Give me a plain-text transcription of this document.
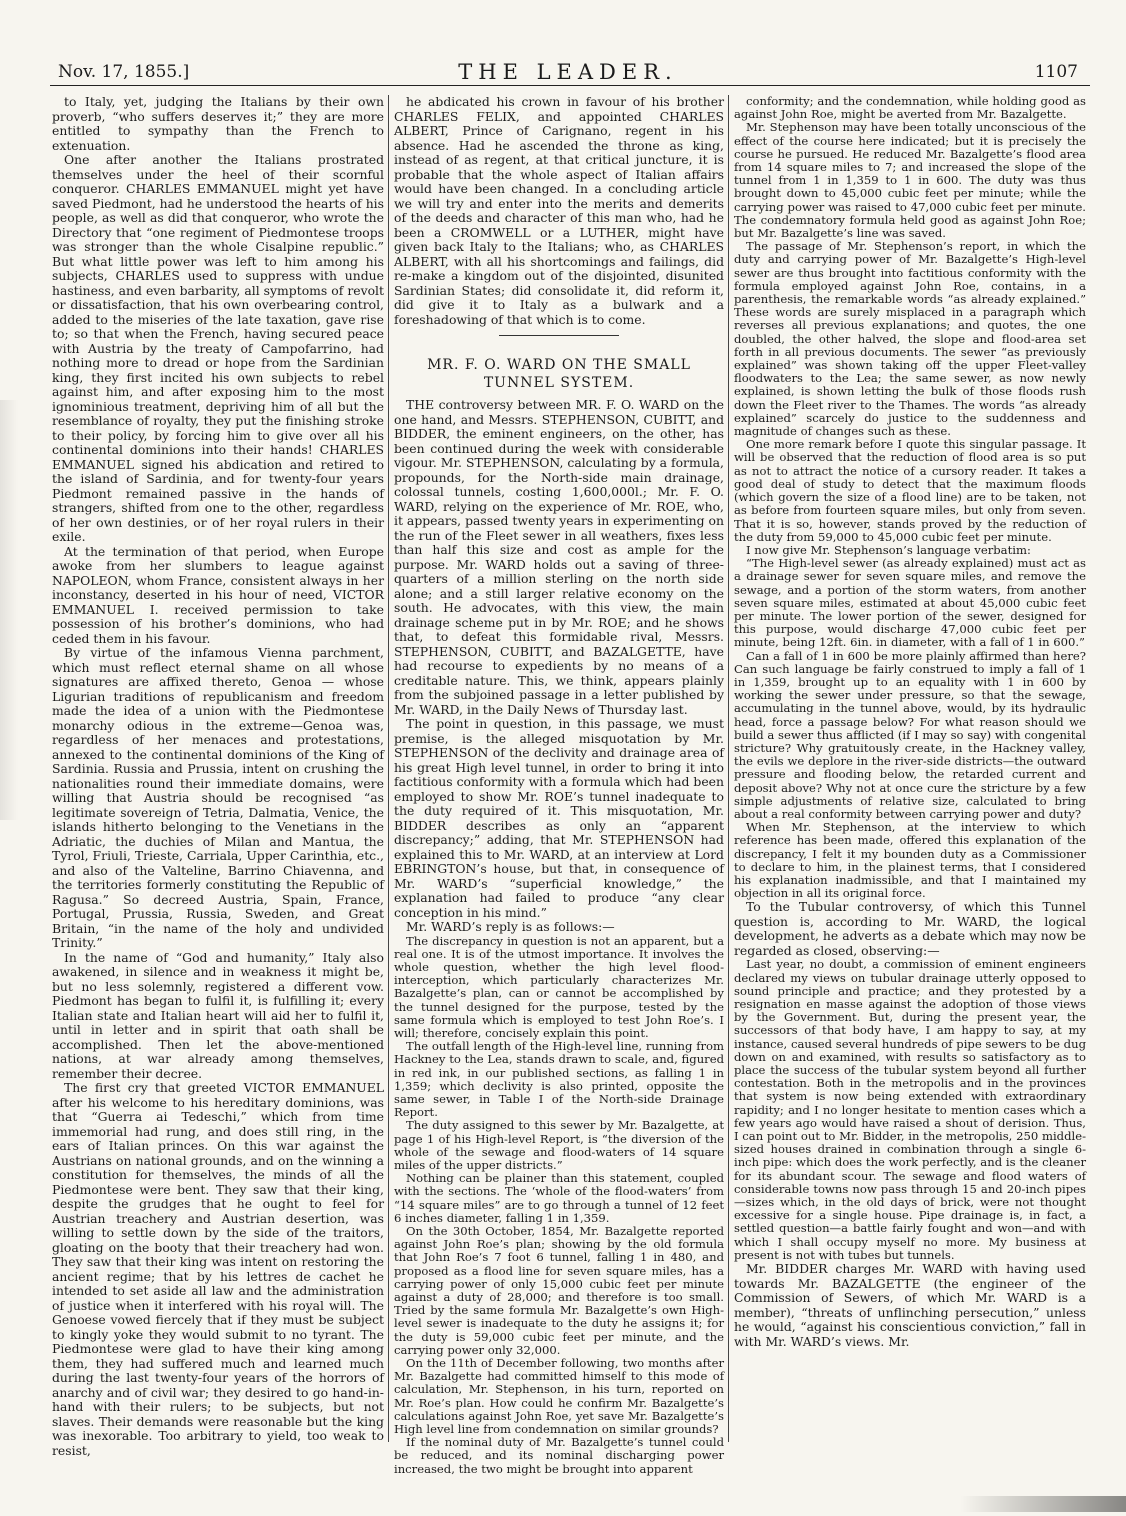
Nov. 17, 1855.]	THE LEADER.	1107

to Italy, yet, judging the Italians by their own proverb, “who suffers deserves it;” they are more entitled to sympathy than the French to extenuation.

One after another the Italians prostrated themselves under the heel of their scornful conqueror. CHARLES EMMANUEL might yet have saved Piedmont, had he understood the hearts of his people, as well as did that conqueror, who wrote the Directory that “one regiment of Piedmontese troops was stronger than the whole Cisalpine republic.” But what little power was left to him among his subjects, CHARLES used to suppress with undue hastiness, and even barbarity, all symptoms of revolt or dissatisfaction, that his own overbearing control, added to the miseries of the late taxation, gave rise to; so that when the French, having secured peace with Austria by the treaty of Campofarrino, had nothing more to dread or hope from the Sardinian king, they first incited his own subjects to rebel against him, and after exposing him to the most ignominious treatment, depriving him of all but the resemblance of royalty, they put the finishing stroke to their policy, by forcing him to give over all his continental dominions into their hands! CHARLES EMMANUEL signed his abdication and retired to the island of Sardinia, and for twenty-four years Piedmont remained passive in the hands of strangers, shifted from one to the other, regardless of her own destinies, or of her royal rulers in their exile.

At the termination of that period, when Europe awoke from her slumbers to league against NAPOLEON, whom France, consistent always in her inconstancy, deserted in his hour of need, VICTOR EMMANUEL I. received permission to take possession of his brother’s dominions, who had ceded them in his favour.

By virtue of the infamous Vienna parchment, which must reflect eternal shame on all whose signatures are affixed thereto, Genoa — whose Ligurian traditions of republicanism and freedom made the idea of a union with the Piedmontese monarchy odious in the extreme—Genoa was, regardless of her menaces and protestations, annexed to the continental dominions of the King of Sardinia. Russia and Prussia, intent on crushing the nationalities round their immediate domains, were willing that Austria should be recognised “as legitimate sovereign of Tetria, Dalmatia, Venice, the islands hitherto belonging to the Venetians in the Adriatic, the duchies of Milan and Mantua, the Tyrol, Friuli, Trieste, Carriala, Upper Carinthia, etc., and also of the Valteline, Barrino Chiavenna, and the territories formerly constituting the Republic of Ragusa.” So decreed Austria, Spain, France, Portugal, Prussia, Russia, Sweden, and Great Britain, “in the name of the holy and undivided Trinity.”

In the name of “God and humanity,” Italy also awakened, in silence and in weakness it might be, but no less solemnly, registered a different vow. Piedmont has began to fulfil it, is fulfilling it; every Italian state and Italian heart will aid her to fulfil it, until in letter and in spirit that oath shall be accomplished. Then let the above-mentioned nations, at war already among themselves, remember their decree.

The first cry that greeted VICTOR EMMANUEL after his welcome to his hereditary dominions, was that “Guerra ai Tedeschi,” which from time immemorial had rung, and does still ring, in the ears of Italian princes. On this war against the Austrians on national grounds, and on the winning a constitution for themselves, the minds of all the Piedmontese were bent. They saw that their king, despite the grudges that he ought to feel for Austrian treachery and Austrian desertion, was willing to settle down by the side of the traitors, gloating on the booty that their treachery had won. They saw that their king was intent on restoring the ancient regime; that by his lettres de cachet he intended to set aside all law and the administration of justice when it interfered with his royal will. The Genoese vowed fiercely that if they must be subject to kingly yoke they would submit to no tyrant. The Piedmontese were glad to have their king among them, they had suffered much and learned much during the last twenty-four years of the horrors of anarchy and of civil war; they desired to go hand-in-hand with their rulers; to be subjects, but not slaves. Their demands were reasonable but the king was inexorable. Too arbitrary to yield, too weak to resist,

he abdicated his crown in favour of his brother CHARLES FELIX, and appointed CHARLES ALBERT, Prince of Carignano, regent in his absence. Had he ascended the throne as king, instead of as regent, at that critical juncture, it is probable that the whole aspect of Italian affairs would have been changed. In a concluding article we will try and enter into the merits and demerits of the deeds and character of this man who, had he been a CROMWELL or a LUTHER, might have given back Italy to the Italians; who, as CHARLES ALBERT, with all his shortcomings and failings, did re-make a kingdom out of the disjointed, disunited Sardinian States; did consolidate it, did reform it, did give it to Italy as a bulwark and a foreshadowing of that which is to come.

MR. F. O. WARD ON THE SMALL TUNNEL SYSTEM.

THE controversy between MR. F. O. WARD on the one hand, and Messrs. STEPHENSON, CUBITT, and BIDDER, the eminent engineers, on the other, has been continued during the week with considerable vigour. Mr. STEPHENSON, calculating by a formula, propounds, for the North-side main drainage, colossal tunnels, costing 1,600,000l.; Mr. F. O. WARD, relying on the experience of Mr. ROE, who, it appears, passed twenty years in experimenting on the run of the Fleet sewer in all weathers, fixes less than half this size and cost as ample for the purpose. Mr. WARD holds out a saving of three-quarters of a million sterling on the north side alone; and a still larger relative economy on the south. He advocates, with this view, the main drainage scheme put in by Mr. ROE; and he shows that, to defeat this formidable rival, Messrs. STEPHENSON, CUBITT, and BAZALGETTE, have had recourse to expedients by no means of a creditable nature. This, we think, appears plainly from the subjoined passage in a letter published by Mr. WARD, in the Daily News of Thursday last.

The point in question, in this passage, we must premise, is the alleged misquotation by Mr. STEPHENSON of the declivity and drainage area of his great High level tunnel, in order to bring it into factitious conformity with a formula which had been employed to show Mr. ROE’s tunnel inadequate to the duty required of it. This misquotation, Mr. BIDDER describes as only an “apparent discrepancy;” adding, that Mr. STEPHENSON had explained this to Mr. WARD, at an interview at Lord EBRINGTON’s house, but that, in consequence of Mr. WARD’s “superficial knowledge,” the explanation had failed to produce “any clear conception in his mind.”

Mr. WARD’s reply is as follows:—

The discrepancy in question is not an apparent, but a real one. It is of the utmost importance. It involves the whole question, whether the high level flood-interception, which particularly characterizes Mr. Bazalgette’s plan, can or cannot be accomplished by the tunnel designed for the purpose, tested by the same formula which is employed to test John Roe’s. I will; therefore, concisely explain this point.

The outfall length of the High-level line, running from Hackney to the Lea, stands drawn to scale, and, figured in red ink, in our published sections, as falling 1 in 1,359; which declivity is also printed, opposite the same sewer, in Table I of the North-side Drainage Report.

The duty assigned to this sewer by Mr. Bazalgette, at page 1 of his High-level Report, is “the diversion of the whole of the sewage and flood-waters of 14 square miles of the upper districts.”

Nothing can be plainer than this statement, coupled with the sections. The ‘whole of the flood-waters’ from “14 square miles” are to go through a tunnel of 12 feet 6 inches diameter, falling 1 in 1,359.

On the 30th October, 1854, Mr. Bazalgette reported against John Roe’s plan; showing by the old formula that John Roe’s 7 foot 6 tunnel, falling 1 in 480, and proposed as a flood line for seven square miles, has a carrying power of only 15,000 cubic feet per minute against a duty of 28,000; and therefore is too small. Tried by the same formula Mr. Bazalgette’s own High-level sewer is inadequate to the duty he assigns it; for the duty is 59,000 cubic feet per minute, and the carrying power only 32,000.

On the 11th of December following, two months after Mr. Bazalgette had committed himself to this mode of calculation, Mr. Stephenson, in his turn, reported on Mr. Roe’s plan. How could he confirm Mr. Bazalgette’s calculations against John Roe, yet save Mr. Bazalgette’s High level line from condemnation on similar grounds?

If the nominal duty of Mr. Bazalgette’s tunnel could be reduced, and its nominal discharging power increased, the two might be brought into apparent

conformity; and the condemnation, while holding good as against John Roe, might be averted from Mr. Bazalgette.

Mr. Stephenson may have been totally unconscious of the effect of the course here indicated; but it is precisely the course he pursued. He reduced Mr. Bazalgette’s flood area from 14 square miles to 7; and increased the slope of the tunnel from 1 in 1,359 to 1 in 600. The duty was thus brought down to 45,000 cubic feet per minute; while the carrying power was raised to 47,000 cubic feet per minute. The condemnatory formula held good as against John Roe; but Mr. Bazalgette’s line was saved.

The passage of Mr. Stephenson’s report, in which the duty and carrying power of Mr. Bazalgette’s High-level sewer are thus brought into factitious conformity with the formula employed against John Roe, contains, in a parenthesis, the remarkable words “as already explained.” These words are surely misplaced in a paragraph which reverses all previous explanations; and quotes, the one doubled, the other halved, the slope and flood-area set forth in all previous documents. The sewer “as previously explained” was shown taking off the upper Fleet-valley floodwaters to the Lea; the same sewer, as now newly explained, is shown letting the bulk of those floods rush down the Fleet river to the Thames. The words “as already explained” scarcely do justice to the suddenness and magnitude of changes such as these.

One more remark before I quote this singular passage. It will be observed that the reduction of flood area is so put as not to attract the notice of a cursory reader. It takes a good deal of study to detect that the maximum floods (which govern the size of a flood line) are to be taken, not as before from fourteen square miles, but only from seven. That it is so, however, stands proved by the reduction of the duty from 59,000 to 45,000 cubic feet per minute.

I now give Mr. Stephenson’s language verbatim:

“The High-level sewer (as already explained) must act as a drainage sewer for seven square miles, and remove the sewage, and a portion of the storm waters, from another seven square miles, estimated at about 45,000 cubic feet per minute. The lower portion of the sewer, designed for this purpose, would discharge 47,000 cubic feet per minute, being 12ft. 6in. in diameter, with a fall of 1 in 600.”

Can a fall of 1 in 600 be more plainly affirmed than here? Can such language be fairly construed to imply a fall of 1 in 1,359, brought up to an equality with 1 in 600 by working the sewer under pressure, so that the sewage, accumulating in the tunnel above, would, by its hydraulic head, force a passage below? For what reason should we build a sewer thus afflicted (if I may so say) with congenital stricture? Why gratuitously create, in the Hackney valley, the evils we deplore in the river-side districts—the outward pressure and flooding below, the retarded current and deposit above? Why not at once cure the stricture by a few simple adjustments of relative size, calculated to bring about a real conformity between carrying power and duty?

When Mr. Stephenson, at the interview to which reference has been made, offered this explanation of the discrepancy, I felt it my bounden duty as a Commissioner to declare to him, in the plainest terms, that I considered his explanation inadmissible, and that I maintained my objection in all its original force.

To the Tubular controversy, of which this Tunnel question is, according to Mr. WARD, the logical development, he adverts as a debate which may now be regarded as closed, observing:—

Last year, no doubt, a commission of eminent engineers declared my views on tubular drainage utterly opposed to sound principle and practice; and they protested by a resignation en masse against the adoption of those views by the Government. But, during the present year, the successors of that body have, I am happy to say, at my instance, caused several hundreds of pipe sewers to be dug down on and examined, with results so satisfactory as to place the success of the tubular system beyond all further contestation. Both in the metropolis and in the provinces that system is now being extended with extraordinary rapidity; and I no longer hesitate to mention cases which a few years ago would have raised a shout of derision. Thus, I can point out to Mr. Bidder, in the metropolis, 250 middle-sized houses drained in combination through a single 6-inch pipe: which does the work perfectly, and is the cleaner for its abundant scour. The sewage and flood waters of considerable towns now pass through 15 and 20-inch pipes—sizes which, in the old days of brick, were not thought excessive for a single house. Pipe drainage is, in fact, a settled question—a battle fairly fought and won—and with which I shall occupy myself no more. My business at present is not with tubes but tunnels.

Mr. BIDDER charges Mr. WARD with having used towards Mr. BAZALGETTE (the engineer of the Commission of Sewers, of which Mr. WARD is a member), “threats of unflinching persecution,” unless he would, “against his conscientious conviction,” fall in with Mr. WARD’s views. Mr.
